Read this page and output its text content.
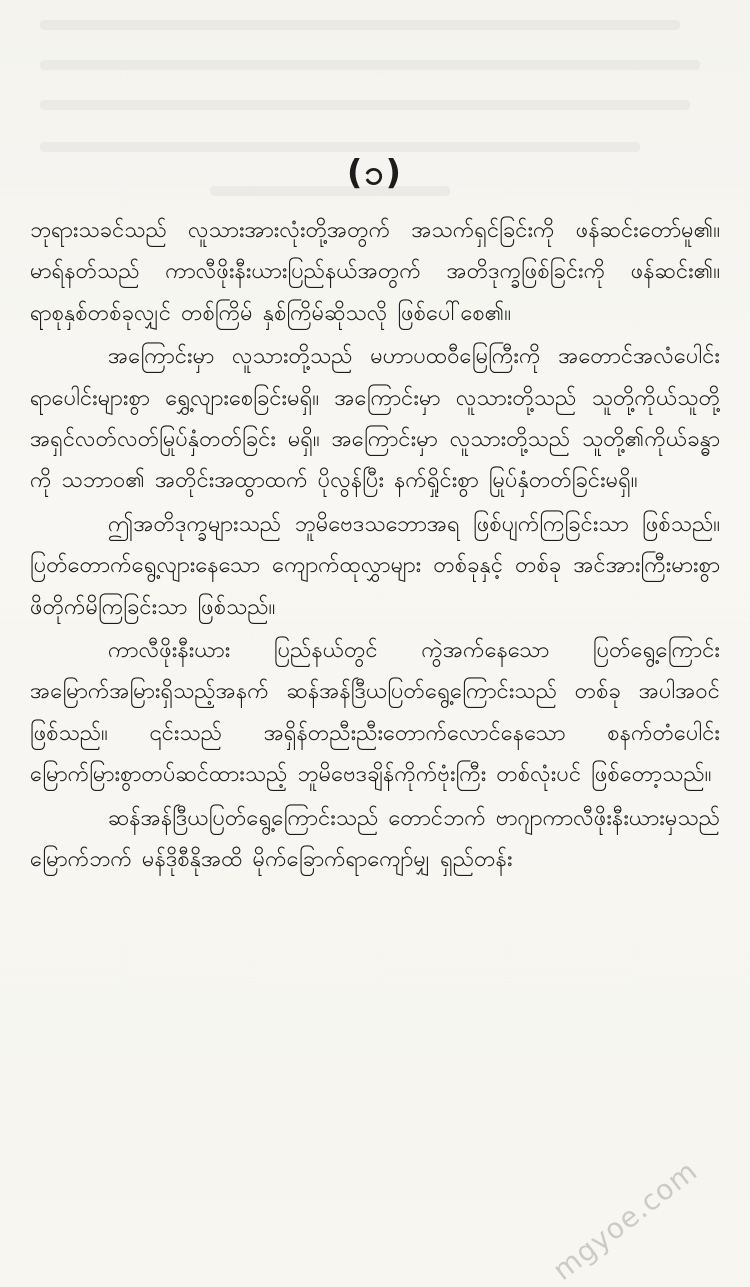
(၁)

ဘုရားသခင်သည် လူသားအားလုံးတို့အတွက် အသက်ရှင်ခြင်းကို ဖန်ဆင်းတော်မူ၏။ မာရ်နတ်သည် ကာလီဖိုးနီးယားပြည်နယ်အတွက် အတိဒုက္ခဖြစ်ခြင်းကို ဖန်ဆင်း၏။ ရာစုနှစ်တစ်ခုလျှင် တစ်ကြိမ် နှစ်ကြိမ်ဆိုသလို ဖြစ်ပေါ်စေ၏။

အကြောင်းမှာ လူသားတို့သည် မဟာပထဝီမြေကြီးကို အတောင်အလံပေါင်း ရာပေါင်းများစွာ ရွှေ့လျားစေခြင်းမရှိ။ အကြောင်းမှာ လူသားတို့သည် သူတို့ကိုယ်သူတို့ အရှင်လတ်လတ်မြုပ်နှံတတ်ခြင်း မရှိ။ အကြောင်းမှာ လူသားတို့သည် သူတို့၏ကိုယ်ခန္ဓာကို သဘာဝ၏ အတိုင်းအထွာထက် ပိုလွန်ပြီး နက်ရှိုင်းစွာ မြုပ်နှံတတ်ခြင်းမရှိ။

ဤအတိဒုက္ခများသည် ဘူမိဗေဒသဘောအရ ဖြစ်ပျက်ကြခြင်းသာ ဖြစ်သည်။ ပြတ်တောက်ရွေ့လျားနေသော ကျောက်ထုလွှာများ တစ်ခုနှင့် တစ်ခု အင်အားကြီးမားစွာ ဖိတိုက်မိကြခြင်းသာ ဖြစ်သည်။

ကာလီဖိုးနီးယား ပြည်နယ်တွင် ကွဲအက်နေသော ပြတ်ရွေ့ကြောင်း အမြောက်အမြားရှိသည့်အနက် ဆန်အန်ဒြီယပြတ်ရွေ့ကြောင်းသည် တစ်ခု အပါအဝင် ဖြစ်သည်။ ၎င်းသည် အရှိန်တညီးညီးတောက်လောင်နေသော စနက်တံပေါင်း မြောက်မြားစွာတပ်ဆင်ထားသည့် ဘူမိဗေဒချိန်ကိုက်ဗုံးကြီး တစ်လုံးပင် ဖြစ်တော့သည်။

ဆန်အန်ဒြီယပြတ်ရွေ့ကြောင်းသည် တောင်ဘက် ဗာဂျာကာလီဖိုးနီးယားမှသည် မြောက်ဘက် မန်ဒိုစီနိုအထိ မိုက်ခြောက်ရာကျော်မျှ ရှည်တန်း

mgyoe.com
